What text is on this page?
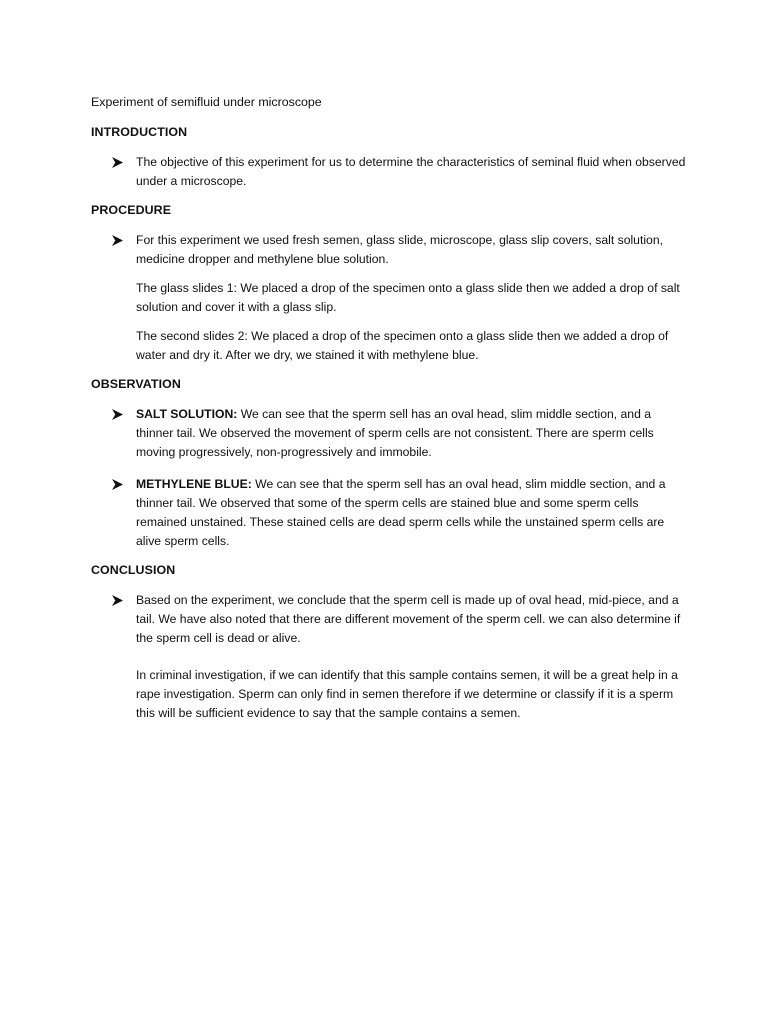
Experiment of semifluid under microscope
INTRODUCTION
The objective of this experiment for us to determine the characteristics of seminal fluid when observed under a microscope.
PROCEDURE
For this experiment we used fresh semen, glass slide, microscope, glass slip covers, salt solution, medicine dropper and methylene blue solution.
The glass slides 1: We placed a drop of the specimen onto a glass slide then we added a drop of salt solution and cover it with a glass slip.
The second slides 2: We placed a drop of the specimen onto a glass slide then we added a drop of water and dry it. After we dry, we stained it with methylene blue.
OBSERVATION
SALT SOLUTION: We can see that the sperm sell has an oval head, slim middle section, and a thinner tail. We observed the movement of sperm cells are not consistent. There are sperm cells moving progressively, non-progressively and immobile.
METHYLENE BLUE: We can see that the sperm sell has an oval head, slim middle section, and a thinner tail. We observed that some of the sperm cells are stained blue and some sperm cells remained unstained. These stained cells are dead sperm cells while the unstained sperm cells are alive sperm cells.
CONCLUSION
Based on the experiment, we conclude that the sperm cell is made up of oval head, mid-piece, and a tail. We have also noted that there are different movement of the sperm cell. we can also determine if the sperm cell is dead or alive.
In criminal investigation, if we can identify that this sample contains semen, it will be a great help in a rape investigation. Sperm can only find in semen therefore if we determine or classify if it is a sperm this will be sufficient evidence to say that the sample contains a semen.
